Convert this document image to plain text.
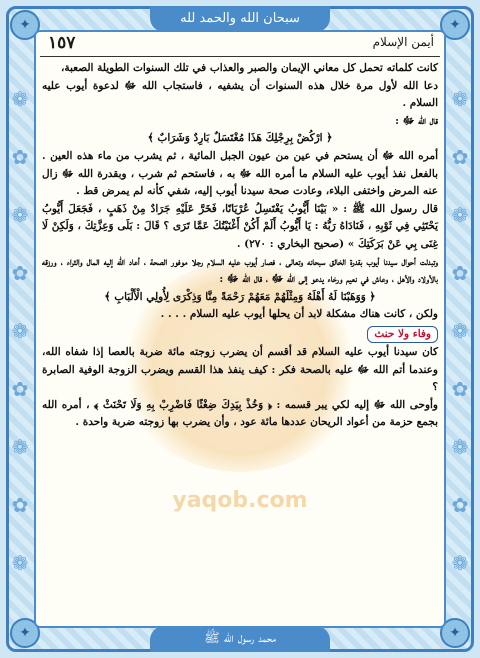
✦	✦
✦	✦
❁
✿
❁
✿
❁
✿
❁
✿
❁
❁
✿
❁
✿
❁
✿
❁
✿
❁
سبحان الله والحمد لله
محمد رسول الله ﷺ
yaqob.com
١٥٧	أيمن الإسلام

كانت كلماته تحمل كل معاني الإيمان والصبر والعذاب في تلك السنوات الطويلة الصعبة،

دعا الله لأول مرة خلال هذه السنوات أن يشفيه ، فاستجاب الله ﷻ لدعوة أيوب عليه السلام .

قال الله ﷻ :

﴿ ارْكُضْ بِرِجْلِكَ هَذَا مُغْتَسَلٌ بَارِدٌ وَشَرَابٌ ﴾

أمره الله ﷻ أن يستحم في عين من عيون الجبل المائية ، ثم يشرب من ماء هذه العين . بالفعل نفذ أيوب عليه السلام ما أمره الله ﷻ به ، فاستحم ثم شرب ، وبقدرة الله ﷻ زال عنه المرض واختفى البلاء، وعادت صحة سيدنا أيوب إليه، شفي كأنه لم يمرض قط .

قال رسول الله ﷺ : « بَيْنَا أَيُّوبُ يَغْتَسِلُ عُرْيَانًا، فَخَرَّ عَلَيْهِ جَرَادٌ مِنْ ذَهَبٍ ، فَجَعَلَ أَيُّوبُ يَحْتَثِي فِي ثَوْبِهِ ، فَنَادَاهُ رَبُّهُ : يَا أَيُّوبُ أَلَمْ أَكُنْ أَغْنَيْتُكَ عَمَّا تَرَى ؟ قَالَ : بَلَى وَعِزَّتِكَ ، وَلَكِنْ لَا غِنَى بِي عَنْ بَرَكَتِكَ » (صحيح البخاري : ٢٧٠) .

وتبدلت أحوال سيدنا أيوب بقدرة الخالق سبحانه وتعالى ، فصار أيوب عليه السلام رجلا موفور الصحة ، أعاد الله إليه المال والثراء ، ورزقه بالأولاد والأهل ، وعاش في نعيم ورخاء يدعو إلى الله ﷻ ، قال الله ﷻ :

﴿ وَوَهَبْنَا لَهُ أَهْلَهُ وَمِثْلَهُمْ مَعَهُمْ رَحْمَةً مِنَّا وَذِكْرَى لِأُولِي الْأَلْبَابِ ﴾

ولكن ، كانت هناك مشكلة لابد أن يحلها أيوب عليه السلام . . . .

وفاء ولا حنث

كان سيدنا أيوب عليه السلام قد أقسم أن يضرب زوجته مائة ضربة بالعصا إذا شفاه الله، وعندما أتم الله ﷻ عليه بالصحة فكر : كيف ينفذ هذا القسم ويضرب الزوجة الوفية الصابرة ؟

وأوحى الله ﷻ إليه لكي يبر قسمه : ﴿ وَخُذْ بِيَدِكَ ضِغْثًا فَاضْرِبْ بِهِ وَلَا تَحْنَثْ ﴾ ، أمره الله بجمع حزمة من أعواد الريحان عددها مائة عود ، وأن يضرب بها زوجته ضربة واحدة .
